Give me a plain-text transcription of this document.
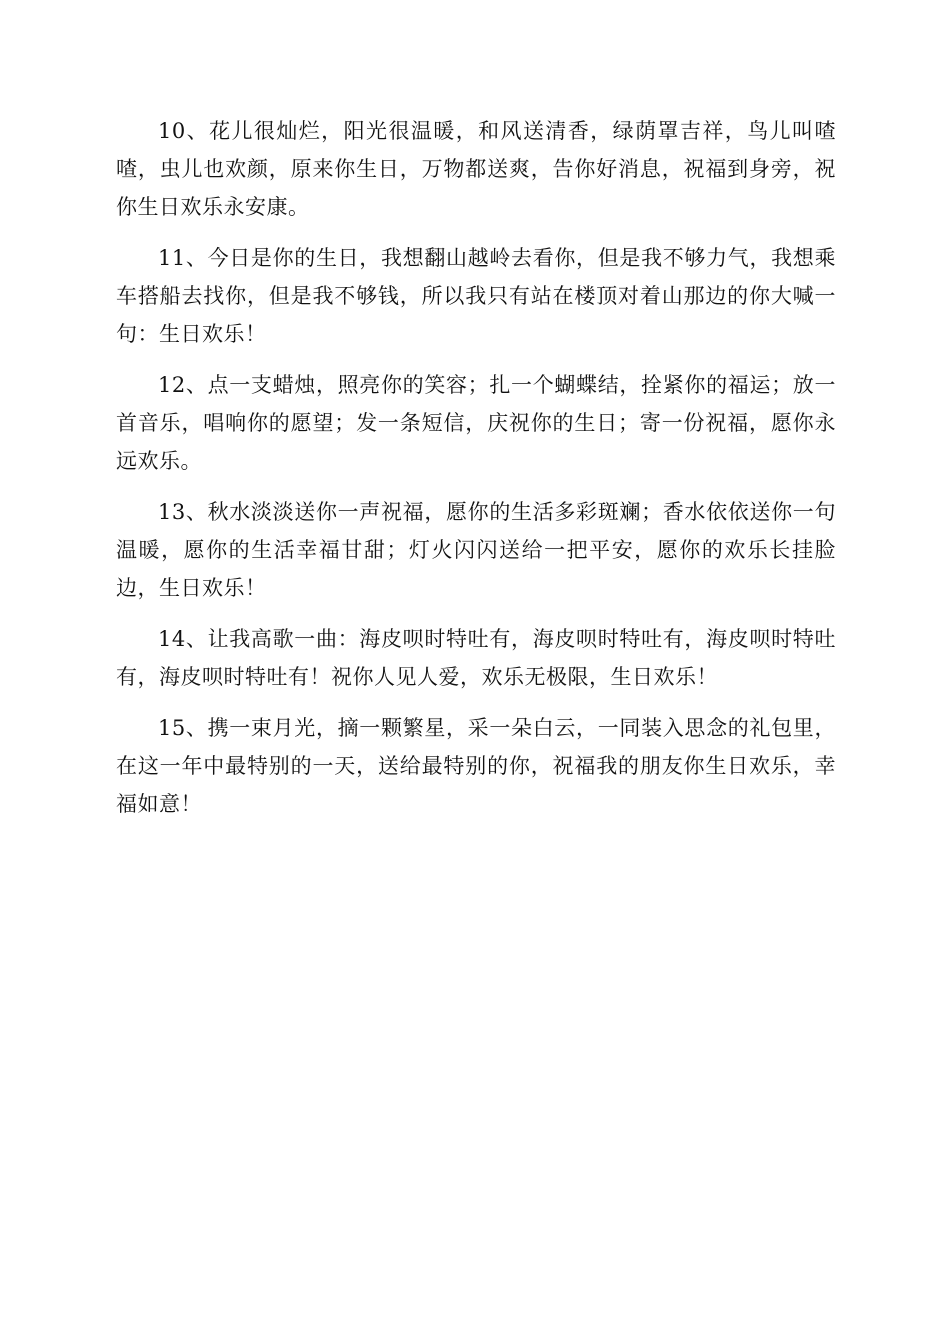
10、花儿很灿烂，阳光很温暖，和风送清香，绿荫罩吉祥，鸟儿叫喳喳，虫儿也欢颜，原来你生日，万物都送爽，告你好消息，祝福到身旁，祝你生日欢乐永安康。

11、今日是你的生日，我想翻山越岭去看你，但是我不够力气，我想乘车搭船去找你，但是我不够钱，所以我只有站在楼顶对着山那边的你大喊一句：生日欢乐！

12、点一支蜡烛，照亮你的笑容；扎一个蝴蝶结，拴紧你的福运；放一首音乐，唱响你的愿望；发一条短信，庆祝你的生日；寄一份祝福，愿你永远欢乐。

13、秋水淡淡送你一声祝福，愿你的生活多彩斑斓；香水依依送你一句温暖，愿你的生活幸福甘甜；灯火闪闪送给一把平安，愿你的欢乐长挂脸边，生日欢乐！

14、让我高歌一曲：海皮呗时特吐有，海皮呗时特吐有，海皮呗时特吐有，海皮呗时特吐有！祝你人见人爱，欢乐无极限，生日欢乐！

15、携一束月光，摘一颗繁星，采一朵白云，一同装入思念的礼包里，在这一年中最特别的一天，送给最特别的你，祝福我的朋友你生日欢乐，幸福如意！
